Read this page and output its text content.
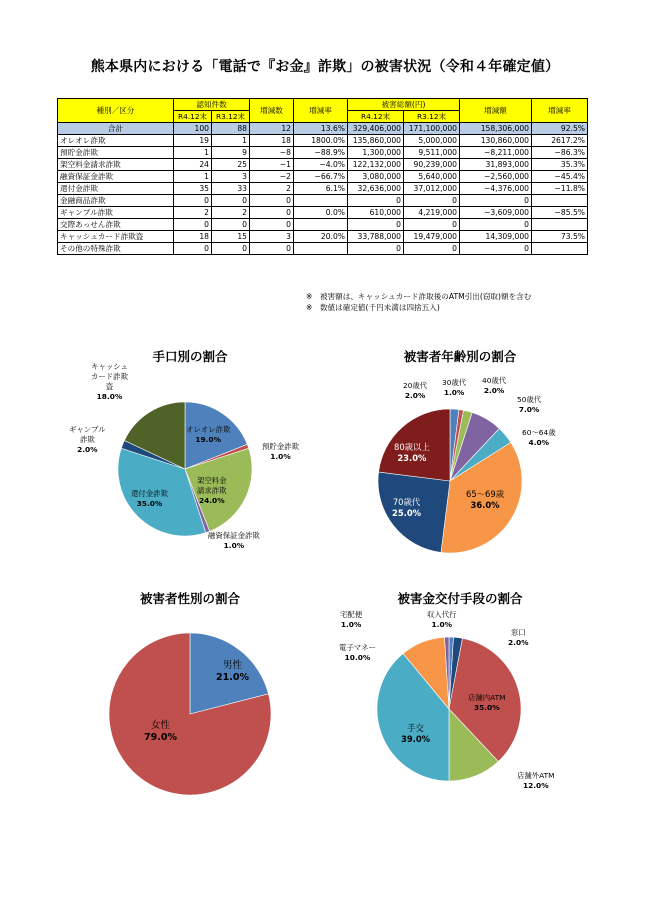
熊本県内における「電話で『お金』詐欺」の被害状況（令和４年確定値）
種別／区分	認知件数		増減数	増減率	被害総額(円)		増減額	増減率
	R4.12末	R3.12末			R4.12末	R3.12末		
合計	100	88	12	13.6%	329,406,000	171,100,000	158,306,000	92.5%
オレオレ詐欺	19	1	18	1800.0%	135,860,000	5,000,000	130,860,000	2617.2%
預貯金詐欺	1	9	−8	−88.9%	1,300,000	9,511,000	−8,211,000	−86.3%
架空料金請求詐欺	24	25	−1	−4.0%	122,132,000	90,239,000	31,893,000	35.3%
融資保証金詐欺	1	3	−2	−66.7%	3,080,000	5,640,000	−2,560,000	−45.4%
還付金詐欺	35	33	2	6.1%	32,636,000	37,012,000	−4,376,000	−11.8%
金融商品詐欺	0	0	0		0	0	0	
ギャンブル詐欺	2	2	0	0.0%	610,000	4,219,000	−3,609,000	−85.5%
交際あっせん詐欺	0	0	0		0	0	0	
キャッシュカード詐欺盗	18	15	3	20.0%	33,788,000	19,479,000	14,309,000	73.5%
その他の特殊詐欺	0	0	0		0	0	0	
※　被害額は、キャッシュカード詐取後のATM引出(窃取)額を含む
※　数値は確定値(千円未満は四捨五入)
手口別の割合
オレオレ詐欺
19.0%
預貯金詐欺
1.0%
架空料金
請求詐欺
24.0%
融資保証金詐欺
1.0%
還付金詐欺
35.0%
ギャンブル
詐欺
2.0%
キャッシュ
カード詐欺
盗
18.0%
被害者年齢別の割合
20歳代
2.0%
30歳代
1.0%
40歳代
2.0%
50歳代
7.0%
60～64歳
4.0%
65～69歳
36.0%
70歳代
25.0%
80歳以上
23.0%
被害者性別の割合
男性
21.0%
女性
79.0%
被害金交付手段の割合
収入代行
1.0%
窓口
2.0%
店舗内ATM
35.0%
店舗外ATM
12.0%
手交
39.0%
電子マネー
10.0%
宅配便
1.0%
